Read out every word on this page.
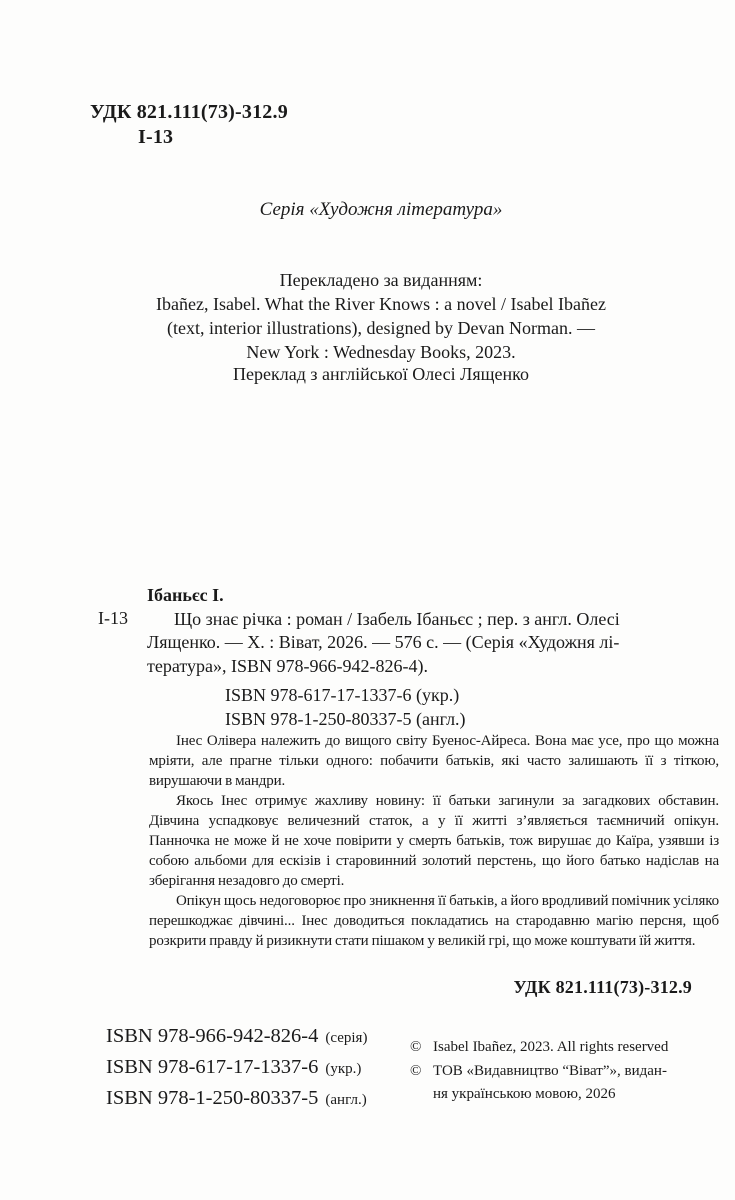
УДК 821.111(73)-312.9
І-13
Серія «Художня література»
Перекладено за виданням:
Ibañez, Isabel. What the River Knows : a novel / Isabel Ibañez
(text, interior illustrations), designed by Devan Norman. —
New York : Wednesday Books, 2023.
Переклад з англійської Олесі Лященко
І-13
Ібаньєс І.
Що знає річка : роман / Ізабель Ібаньєс ; пер. з англ. Олесі
Лященко. — Х. : Віват, 2026. — 576 с. — (Серія «Художня лі-
тература», ISBN 978-966-942-826-4).
ISBN 978-617-17-1337-6 (укр.)
ISBN 978-1-250-80337-5 (англ.)

Інес Олівера належить до вищого світу Буенос-Айреса. Вона має усе, про що можна мріяти, але прагне тільки одного: побачити батьків, які часто залишають її з тіткою, вирушаючи в мандри.

Якось Інес отримує жахливу новину: її батьки загинули за загадкових обставин. Дівчина успадковує величезний статок, а у її житті з’являється таємничий опікун. Панночка не може й не хоче повірити у смерть батьків, тож вирушає до Каїра, узявши із собою альбоми для ескізів і старовинний золотий перстень, що його батько надіслав на зберігання незадовго до смерті.

Опікун щось недоговорює про зникнення її батьків, а його вродливий помічник усіляко перешкоджає дівчині... Інес доводиться покладатись на стародавню магію персня, щоб розкрити правду й ризикнути стати пішаком у великій грі, що може коштувати їй життя.

УДК 821.111(73)-312.9
ISBN 978-966-942-826-4 (серія)
ISBN 978-617-17-1337-6 (укр.)
ISBN 978-1-250-80337-5 (англ.)
© Isabel Ibañez, 2023. All rights reserved
© ТОВ «Видавництво “Віват”», видан-
ня українською мовою, 2026
